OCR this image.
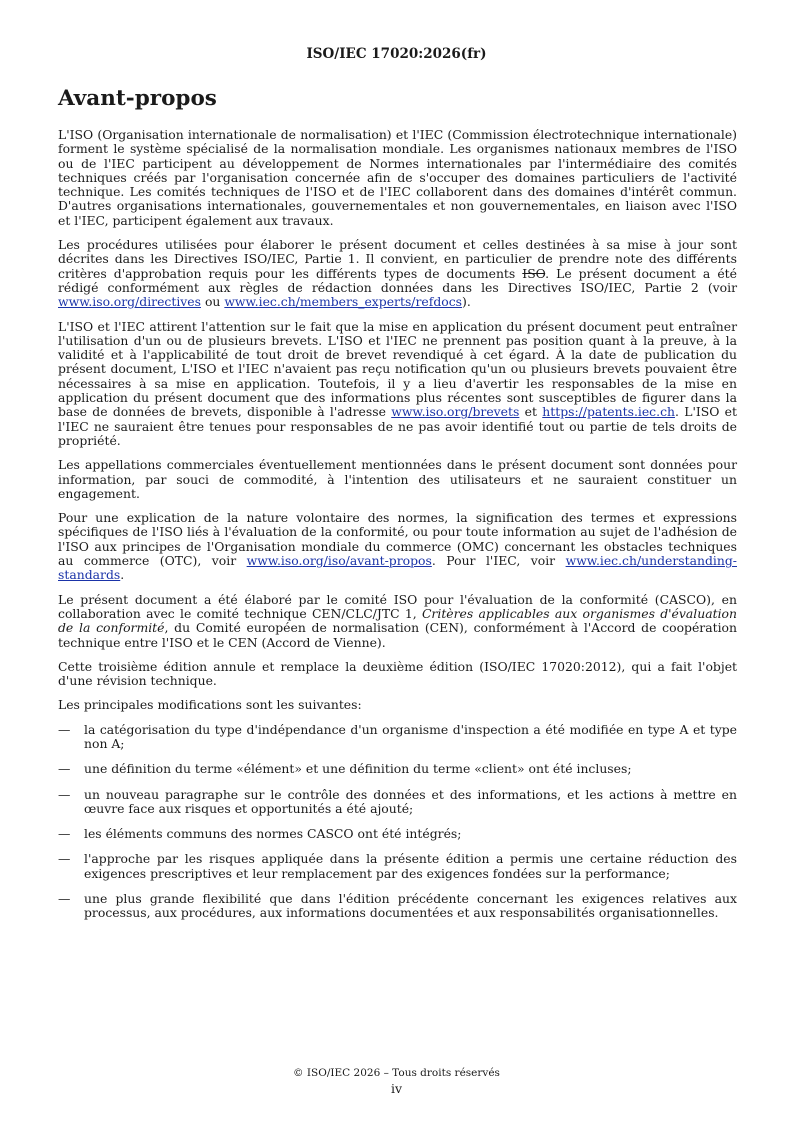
ISO/IEC 17020:2026(fr)
Avant-propos

L'ISO (Organisation internationale de normalisation) et l'IEC (Commission électrotechnique internationale) forment le système spécialisé de la normalisation mondiale. Les organismes nationaux membres de l'ISO ou de l'IEC participent au développement de Normes internationales par l'intermédiaire des comités techniques créés par l'organisation concernée afin de s'occuper des domaines particuliers de l'activité technique. Les comités techniques de l'ISO et de l'IEC collaborent dans des domaines d'intérêt commun. D'autres organisations internationales, gouvernementales et non gouvernementales, en liaison avec l'ISO et l'IEC, participent également aux travaux.

Les procédures utilisées pour élaborer le présent document et celles destinées à sa mise à jour sont décrites dans les Directives ISO/IEC, Partie 1. Il convient, en particulier de prendre note des différents critères d'approbation requis pour les différents types de documents ISO. Le présent document a été rédigé conformément aux règles de rédaction données dans les Directives ISO/IEC, Partie 2 (voir www.iso.org/directives ou www.iec.ch/members_experts/refdocs).

L'ISO et l'IEC attirent l'attention sur le fait que la mise en application du présent document peut entraîner l'utilisation d'un ou de plusieurs brevets. L'ISO et l'IEC ne prennent pas position quant à la preuve, à la validité et à l'applicabilité de tout droit de brevet revendiqué à cet égard. À la date de publication du présent document, L'ISO et l'IEC n'avaient pas reçu notification qu'un ou plusieurs brevets pouvaient être nécessaires à sa mise en application. Toutefois, il y a lieu d'avertir les responsables de la mise en application du présent document que des informations plus récentes sont susceptibles de figurer dans la base de données de brevets, disponible à l'adresse www.iso.org/brevets et https://patents.iec.ch. L'ISO et l'IEC ne sauraient être tenues pour responsables de ne pas avoir identifié tout ou partie de tels droits de propriété.

Les appellations commerciales éventuellement mentionnées dans le présent document sont données pour information, par souci de commodité, à l'intention des utilisateurs et ne sauraient constituer un engagement.

Pour une explication de la nature volontaire des normes, la signification des termes et expressions spécifiques de l'ISO liés à l'évaluation de la conformité, ou pour toute information au sujet de l'adhésion de l'ISO aux principes de l'Organisation mondiale du commerce (OMC) concernant les obstacles techniques au commerce (OTC), voir www.iso.org/iso/avant-propos. Pour l'IEC, voir www.iec.ch/understanding-standards.

Le présent document a été élaboré par le comité ISO pour l'évaluation de la conformité (CASCO), en collaboration avec le comité technique CEN/CLC/JTC 1, Critères applicables aux organismes d'évaluation de la conformité, du Comité européen de normalisation (CEN), conformément à l'Accord de coopération technique entre l'ISO et le CEN (Accord de Vienne).

Cette troisième édition annule et remplace la deuxième édition (ISO/IEC 17020:2012), qui a fait l'objet d'une révision technique.

Les principales modifications sont les suivantes:

— la catégorisation du type d'indépendance d'un organisme d'inspection a été modifiée en type A et type non A;
— une définition du terme «élément» et une définition du terme «client» ont été incluses;
— un nouveau paragraphe sur le contrôle des données et des informations, et les actions à mettre en œuvre face aux risques et opportunités a été ajouté;
— les éléments communs des normes CASCO ont été intégrés;
— l'approche par les risques appliquée dans la présente édition a permis une certaine réduction des exigences prescriptives et leur remplacement par des exigences fondées sur la performance;
— une plus grande flexibilité que dans l'édition précédente concernant les exigences relatives aux processus, aux procédures, aux informations documentées et aux responsabilités organisationnelles.
© ISO/IEC 2026 – Tous droits réservés
iv
